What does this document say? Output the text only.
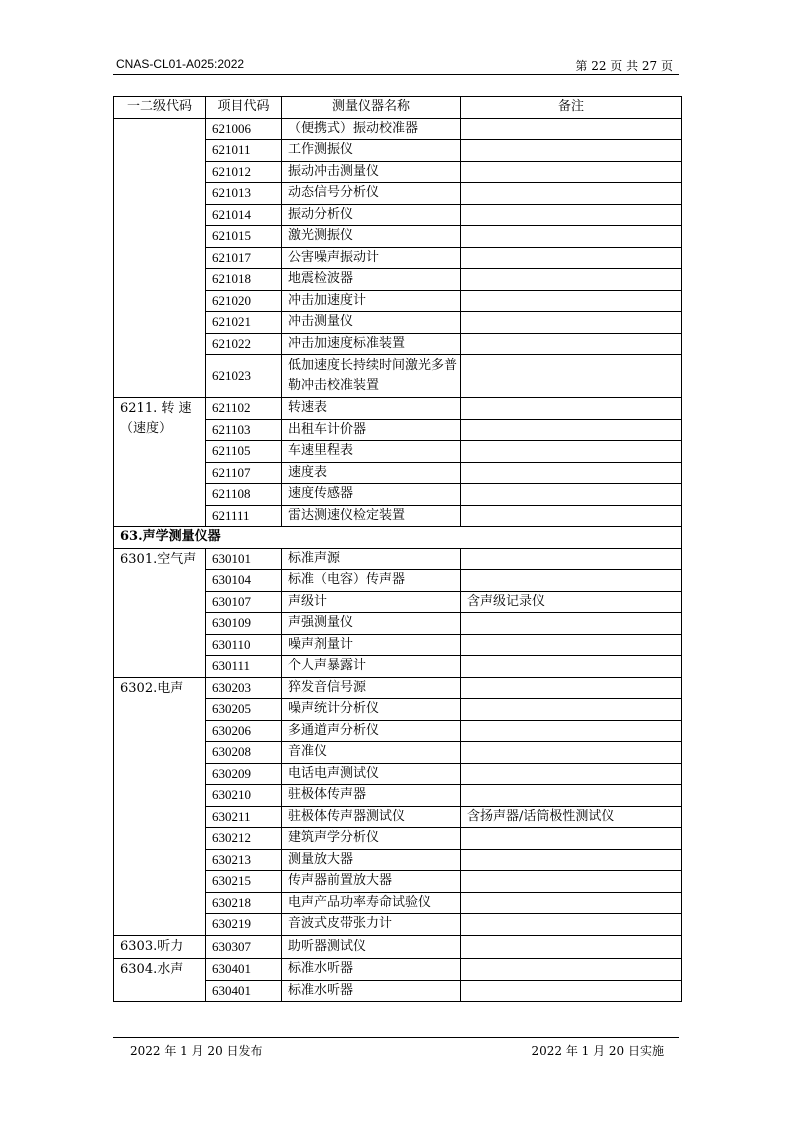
CNAS-CL01-A025:2022	第 22 页 共 27 页
一二级代码	项目代码	测量仪器名称	备注
	621006	（便携式）振动校准器	
	621011	工作测振仪	
	621012	振动冲击测量仪	
	621013	动态信号分析仪	
	621014	振动分析仪	
	621015	激光测振仪	
	621017	公害噪声振动计	
	621018	地震检波器	
	621020	冲击加速度计	
	621021	冲击测量仪	
	621022	冲击加速度标准装置	
	621023	低加速度长持续时间激光多普勒冲击校准装置	
6211. 转 速（速度）	621102	转速表	
	621103	出租车计价器	
	621105	车速里程表	
	621107	速度表	
	621108	速度传感器	
	621111	雷达测速仪检定装置	
63.声学测量仪器			
6301.空气声	630101	标准声源	
	630104	标准（电容）传声器	
	630107	声级计	含声级记录仪
	630109	声强测量仪	
	630110	噪声剂量计	
	630111	个人声暴露计	
6302.电声	630203	猝发音信号源	
	630205	噪声统计分析仪	
	630206	多通道声分析仪	
	630208	音准仪	
	630209	电话电声测试仪	
	630210	驻极体传声器	
	630211	驻极体传声器测试仪	含扬声器/话筒极性测试仪
	630212	建筑声学分析仪	
	630213	测量放大器	
	630215	传声器前置放大器	
	630218	电声产品功率寿命试验仪	
	630219	音波式皮带张力计	
6303.听力	630307	助听器测试仪	
6304.水声	630401	标准水听器	
	630401	标准水听器	
2022 年 1 月 20 日发布	2022 年 1 月 20 日实施
